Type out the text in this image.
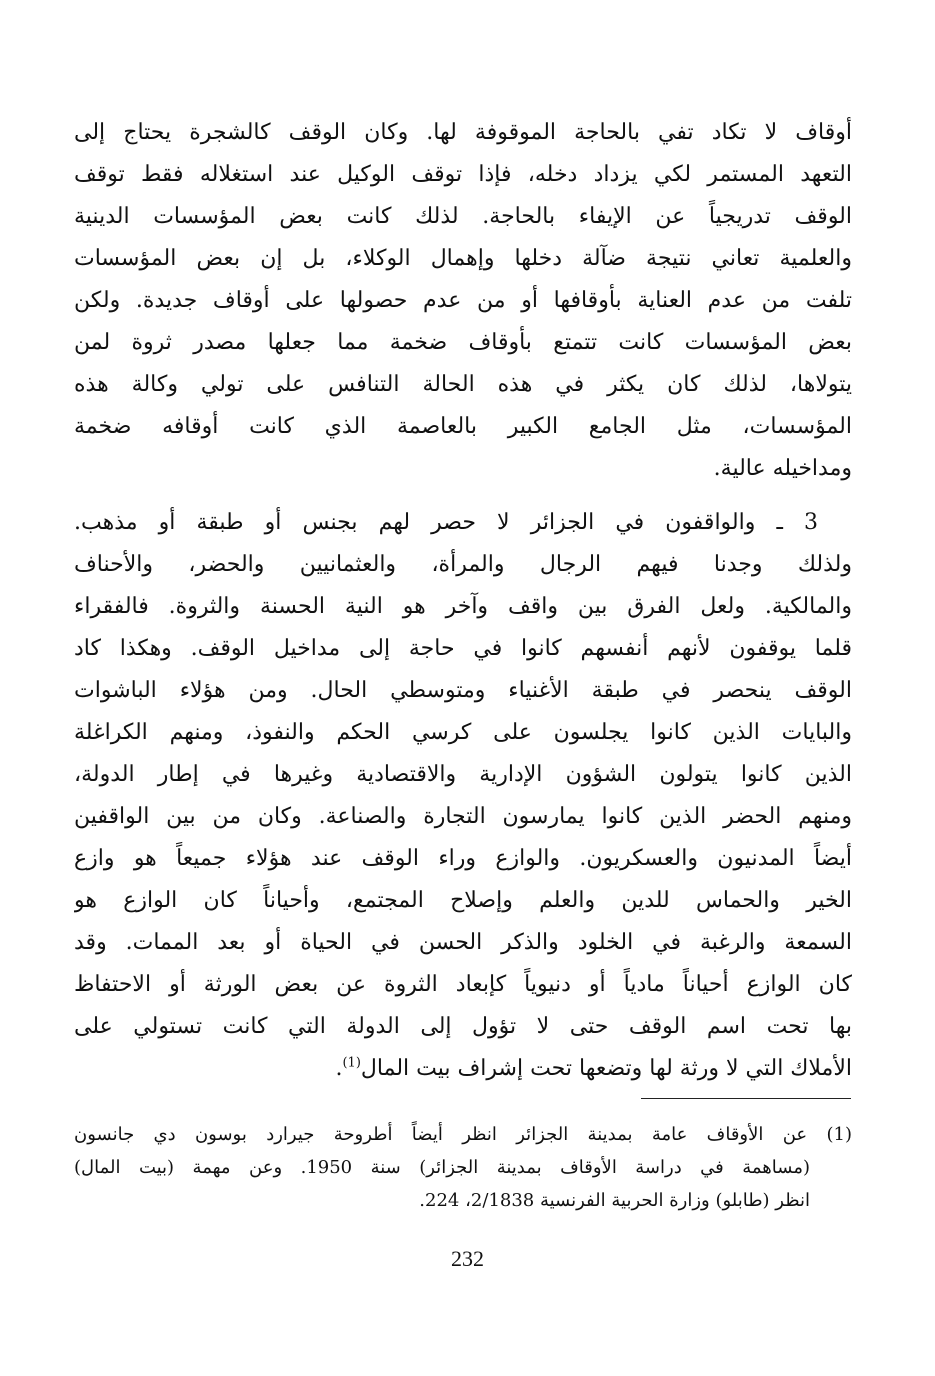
أوقاف لا تكاد تفي بالحاجة الموقوفة لها. وكان الوقف كالشجرة يحتاج إلى
التعهد المستمر لكي يزداد دخله، فإذا توقف الوكيل عند استغلاله فقط توقف
الوقف تدريجياً عن الإيفاء بالحاجة. لذلك كانت بعض المؤسسات الدينية
والعلمية تعاني نتيجة ضآلة دخلها وإهمال الوكلاء، بل إن بعض المؤسسات
تلفت من عدم العناية بأوقافها أو من عدم حصولها على أوقاف جديدة. ولكن
بعض المؤسسات كانت تتمتع بأوقاف ضخمة مما جعلها مصدر ثروة لمن
يتولاها، لذلك كان يكثر في هذه الحالة التنافس على تولي وكالة هذه
المؤسسات، مثل الجامع الكبير بالعاصمة الذي كانت أوقافه ضخمة
ومداخيله عالية.
3 ـ والواقفون في الجزائر لا حصر لهم بجنس أو طبقة أو مذهب.
ولذلك وجدنا فيهم الرجال والمرأة، والعثمانيين والحضر، والأحناف
والمالكية. ولعل الفرق بين واقف وآخر هو النية الحسنة والثروة. فالفقراء
قلما يوقفون لأنهم أنفسهم كانوا في حاجة إلى مداخيل الوقف. وهكذا كاد
الوقف ينحصر في طبقة الأغنياء ومتوسطي الحال. ومن هؤلاء الباشوات
والبايات الذين كانوا يجلسون على كرسي الحكم والنفوذ، ومنهم الكراغلة
الذين كانوا يتولون الشؤون الإدارية والاقتصادية وغيرها في إطار الدولة،
ومنهم الحضر الذين كانوا يمارسون التجارة والصناعة. وكان من بين الواقفين
أيضاً المدنيون والعسكريون. والوازع وراء الوقف عند هؤلاء جميعاً هو وازع
الخير والحماس للدين والعلم وإصلاح المجتمع، وأحياناً كان الوازع هو
السمعة والرغبة في الخلود والذكر الحسن في الحياة أو بعد الممات. وقد
كان الوازع أحياناً مادياً أو دنيوياً كإبعاد الثروة عن بعض الورثة أو الاحتفاظ
بها تحت اسم الوقف حتى لا تؤول إلى الدولة التي كانت تستولي على
الأملاك التي لا ورثة لها وتضعها تحت إشراف بيت المال$^{(1)}$.
(1) عن الأوقاف عامة بمدينة الجزائر انظر أيضاً أطروحة جيرارد بوسون دي جانسون
(مساهمة في دراسة الأوقاف بمدينة الجزائر) سنة 1950. وعن مهمة (بيت المال)
انظر (طابلو) وزارة الحربية الفرنسية 2/1838، 224.
232
